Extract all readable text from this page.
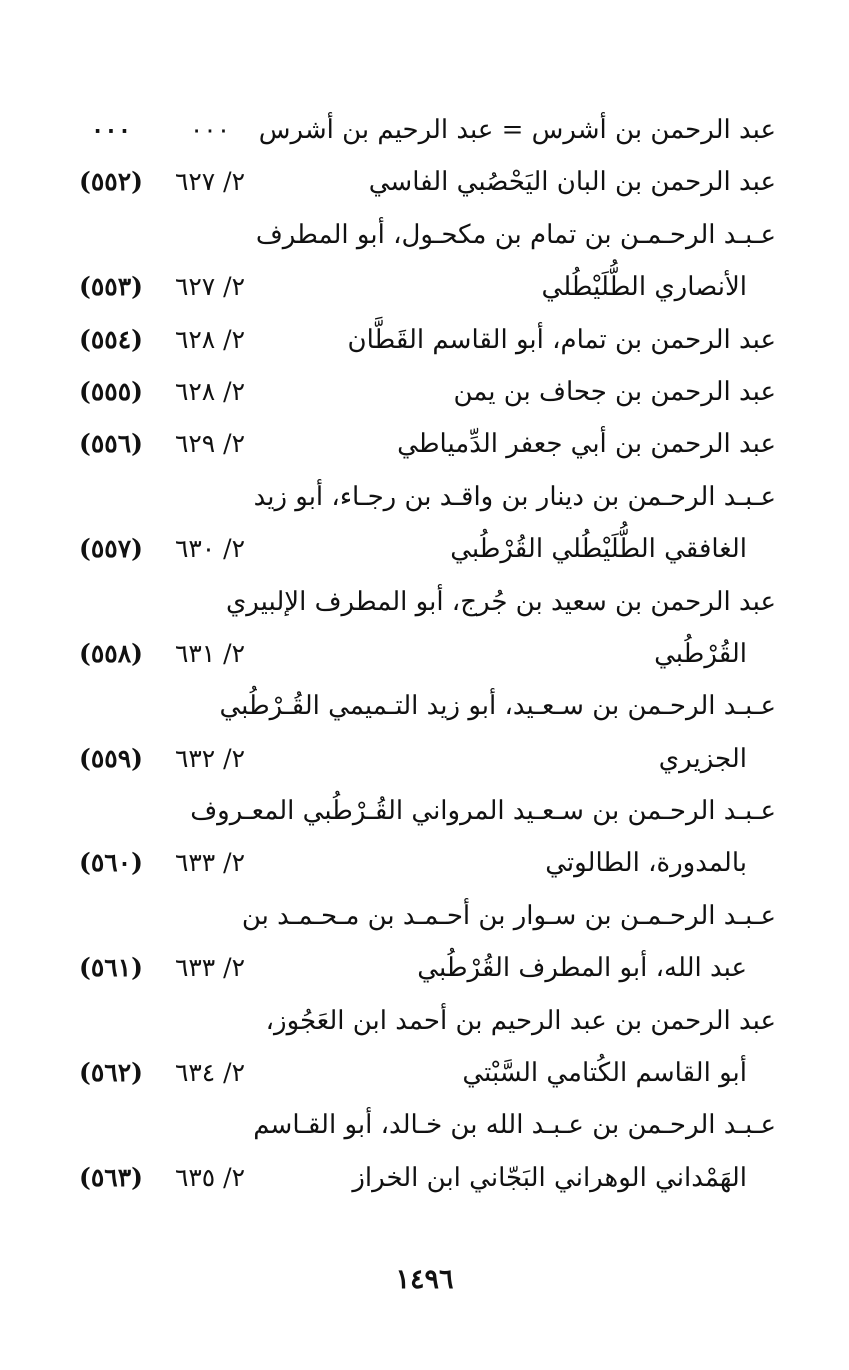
عبد الرحمن بن أشرس = عبد الرحيم بن أشرس
٠٠٠
٠٠٠
عبد الرحمن بن البان اليَحْصُبي الفاسي
٢/ ٦٢٧
(٥٥٢)
عـبـد الرحـمـن بن تمام بن مكحـول، أبو المطرف
الأنصاري الطُّلَيْطُلي
٢/ ٦٢٧
(٥٥٣)
عبد الرحمن بن تمام، أبو القاسم القَطَّان
٢/ ٦٢٨
(٥٥٤)
عبد الرحمن بن جحاف بن يمن
٢/ ٦٢٨
(٥٥٥)
عبد الرحمن بن أبي جعفر الدِّمياطي
٢/ ٦٢٩
(٥٥٦)
عـبـد الرحـمن بن دينار بن واقـد بن رجـاء، أبو زيد
الغافقي الطُّلَيْطُلي القُرْطُبي
٢/ ٦٣٠
(٥٥٧)
عبد الرحمن بن سعيد بن جُرج، أبو المطرف الإلبيري
القُرْطُبي
٢/ ٦٣١
(٥٥٨)
عـبـد الرحـمن بن سـعـيد، أبو زيد التـميمي القُـرْطُبي
الجزيري
٢/ ٦٣٢
(٥٥٩)
عـبـد الرحـمن بن سـعـيد المرواني القُـرْطُبي المعـروف
بالمدورة، الطالوتي
٢/ ٦٣٣
(٥٦٠)
عـبـد الرحـمـن بن سـوار بن أحـمـد بن مـحـمـد بن
عبد الله، أبو المطرف القُرْطُبي
٢/ ٦٣٣
(٥٦١)
عبد الرحمن بن عبد الرحيم بن أحمد ابن العَجُوز،
أبو القاسم الكُتامي السَّبْتي
٢/ ٦٣٤
(٥٦٢)
عـبـد الرحـمن بن عـبـد الله بن خـالد، أبو القـاسم
الهَمْداني الوهراني البَجّاني ابن الخراز
٢/ ٦٣٥
(٥٦٣)
١٤٩٦
